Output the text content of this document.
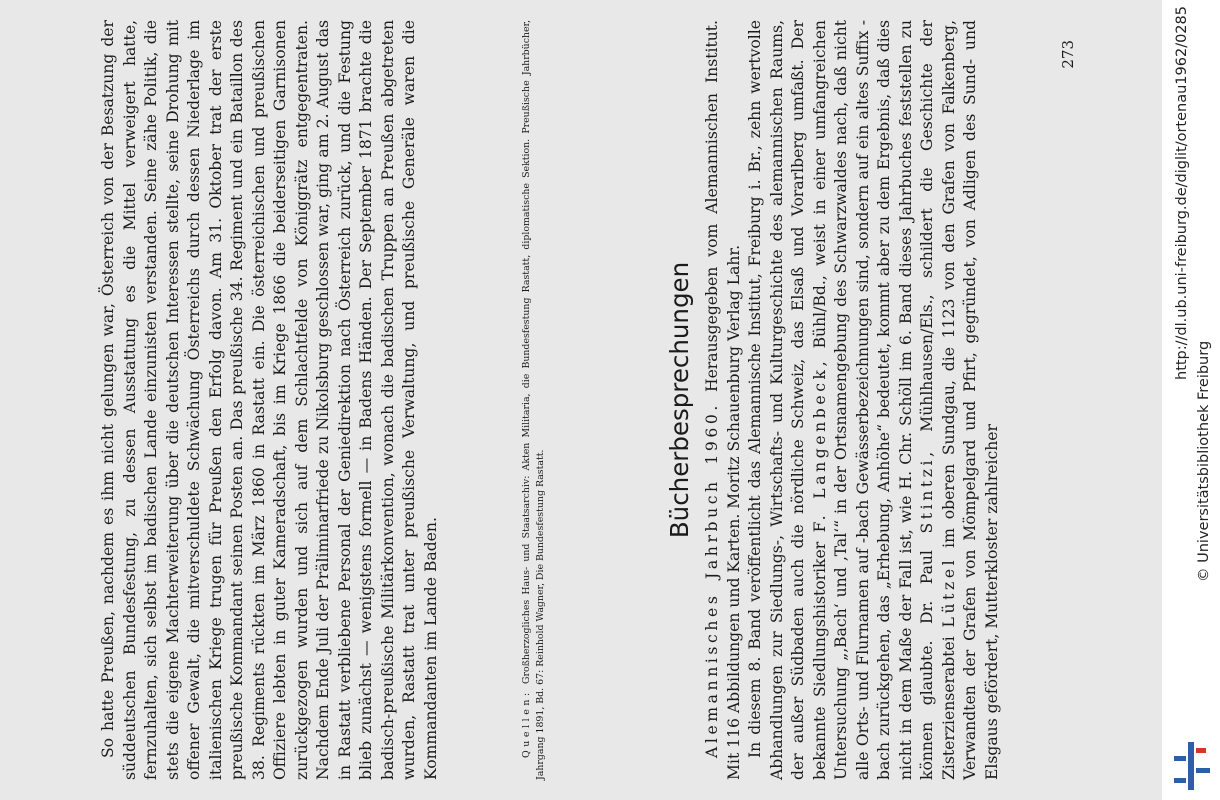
So hatte Preußen, nachdem es ihm nicht gelungen war, Österreich von der Besatzung der süddeutschen Bundesfestung, zu dessen Ausstattung es die Mittel verweigert hatte, fernzuhalten, sich selbst im badischen Lande einzunisten verstanden. Seine zähe Politik, die stets die eigene Machterweiterung über die deutschen Interessen stellte, seine Drohung mit offener Gewalt, die mitverschuldete Schwächung Österreichs durch dessen Niederlage im italienischen Kriege trugen für Preußen den Erfolg davon. Am 31. Oktober trat der erste preußische Kommandant seinen Posten an. Das preußische 34. Regiment und ein Bataillon des 38. Regiments rückten im März 1860 in Rastatt ein. Die österreichischen und preußischen Offiziere lebten in guter Kameradschaft, bis im Kriege 1866 die beiderseitigen Garnisonen zurückgezogen wurden und sich auf dem Schlachtfelde von Königgrätz entgegentraten. Nachdem Ende Juli der Präliminarfriede zu Nikolsburg geschlossen war, ging am 2. August das in Rastatt verbliebene Personal der Geniedirektion nach Österreich zurück, und die Festung blieb zunächst — wenigstens formell — in Badens Händen. Der September 1871 brachte die badisch-preußische Militärkonvention, wonach die badischen Truppen an Preußen abgetreten wurden, Rastatt trat unter preußische Verwaltung, und preußische Generäle waren die Kommandanten im Lande Baden.	Quellen: Großherzogliches Haus- und Staatsarchiv: Akten Militaria, die Bundesfestung Rastatt, diplomatische Sektion. Preußische Jahrbücher, Jahrgang 1891, Bd. 67: Reinhold Wagner, Die Bundesfestung Rastatt.

Bücherbesprechungen

Alemannisches Jahrbuch 1960. Herausgegeben vom Alemannischen Institut. Mit 116 Abbildungen und Karten. Moritz Schauenburg Verlag Lahr. In diesem 8. Band veröffentlicht das Alemannische Institut, Freiburg i. Br., zehn wertvolle Abhandlungen zur Siedlungs-, Wirtschafts- und Kulturgeschichte des alemannischen Raums, der außer Südbaden auch die nördliche Schweiz, das Elsaß und Vorarlberg umfaßt. Der bekannte Siedlungshistoriker F. Langenbeck, Bühl/Bd., weist in einer umfangreichen Untersuchung „‚Bach‘ und ‚Tal‘“ in der Ortsnamengebung des Schwarzwaldes nach, daß nicht alle Orts- und Flurnamen auf -bach Gewässerbezeichnungen sind, sondern auf ein altes Suffix -bach zurückgehen, das „Erhebung, Anhöhe“ bedeutet, kommt aber zu dem Ergebnis, daß dies nicht in dem Maße der Fall ist, wie H. Chr. Schöll im 6. Band dieses Jahrbuches feststellen zu können glaubte. Dr. Paul Stintzi, Mühlhausen/Els., schildert die Geschichte der Zisterzienserabtei Lützel im oberen Sundgau, die 1123 von den Grafen von Falkenberg, Verwandten der Grafen von Mömpelgard und Pfirt, gegründet, von Adligen des Sund- und Elsgaus gefördert, Mutterkloster zahlreicher

273	http://dl.ub.uni-freiburg.de/diglit/ortenau1962/0285
© Universitätsbibliothek Freiburg
